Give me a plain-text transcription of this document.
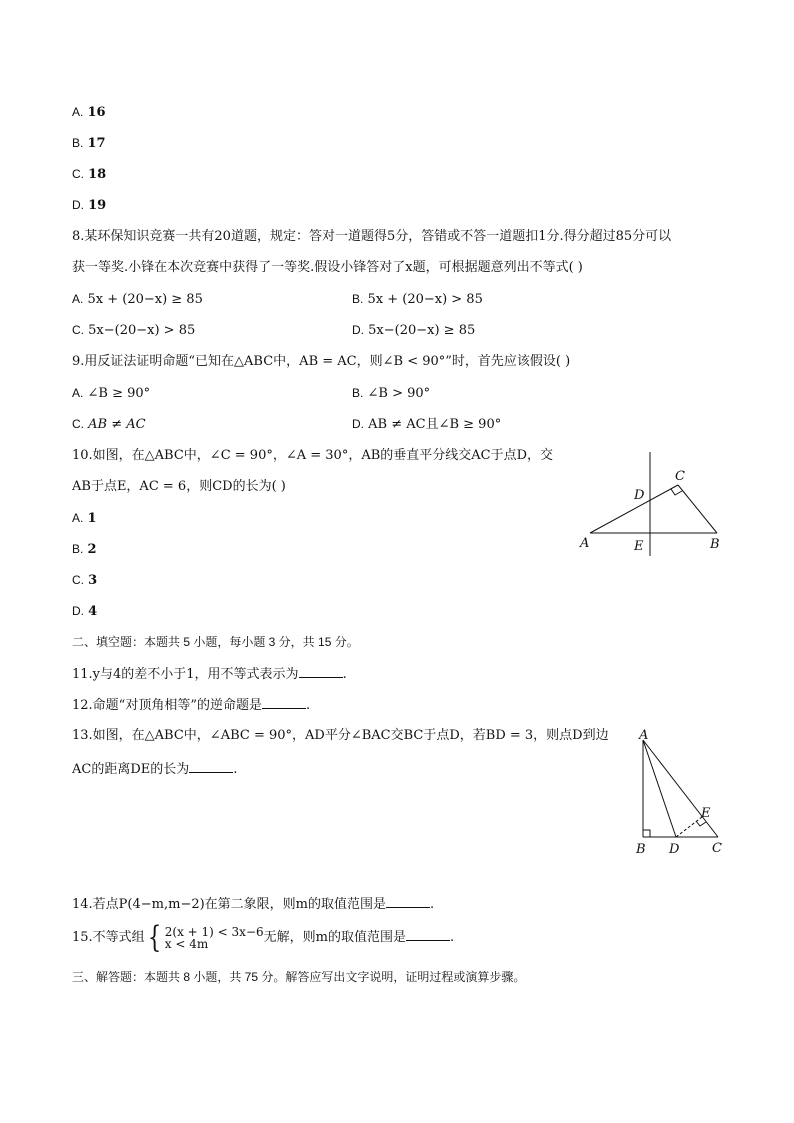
A. 16
B. 17
C. 18
D. 19
8.某环保知识竞赛一共有20道题，规定：答对一道题得5分，答错或不答一道题扣1分.得分超过85分可以
获一等奖.小锋在本次竞赛中获得了一等奖.假设小锋答对了x题，可根据题意列出不等式( )
A. 5x + (20−x) ≥ 85	B. 5x + (20−x) > 85
C. 5x−(20−x) > 85	D. 5x−(20−x) ≥ 85
9.用反证法证明命题“已知在△ABC中，AB = AC，则∠B < 90°”时，首先应该假设( )
A. ∠B ≥ 90°	B. ∠B > 90°
C. AB ≠ AC	D. AB ≠ AC且∠B ≥ 90°
10.如图，在△ABC中，∠C = 90°，∠A = 30°，AB的垂直平分线交AC于点D，交
AB于点E，AC = 6，则CD的长为( )
A. 1
B. 2
C. 3
D. 4
A	B
C
D
E
二、填空题：本题共 5 小题，每小题 3 分，共 15 分。
11.y与4的差不小于1，用不等式表示为	.
12.命题“对顶角相等”的逆命题是	.
13.如图，在△ABC中，∠ABC = 90°，AD平分∠BAC交BC于点D，若BD = 3，则点D到边
AC的距离DE的长为	.
A
B	C
D
E
14.若点P(4−m,m−2)在第二象限，则m的取值范围是	.
15.不等式组 { 2(x + 1) < 3x−6
x < 4m	无解，则m的取值范围是	.
三、解答题：本题共 8 小题，共 75 分。解答应写出文字说明，证明过程或演算步骤。
